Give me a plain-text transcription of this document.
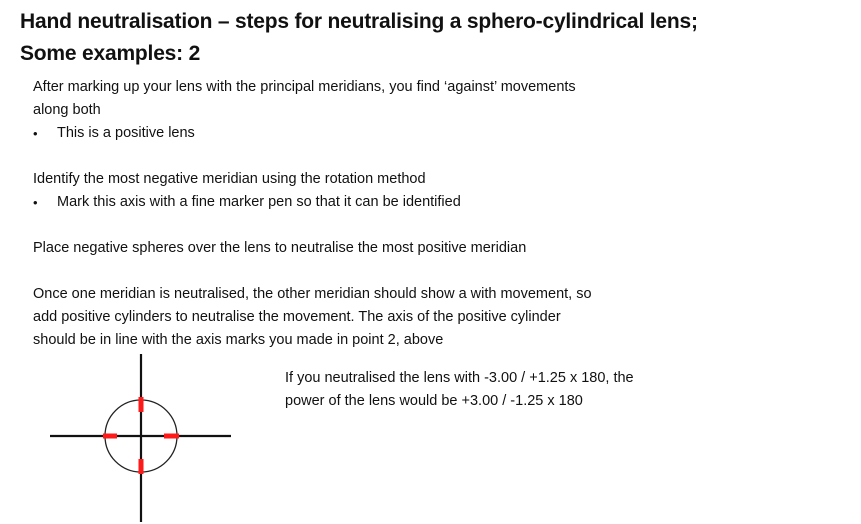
Hand neutralisation – steps for neutralising a sphero-cylindrical lens;
Some examples: 2

After marking up your lens with the principal meridians, you find ‘against’ movements

along both

•	This is a positive lens

Identify the most negative meridian using the rotation method

•	Mark this axis with a fine marker pen so that it can be identified

Place negative spheres over the lens to neutralise the most positive meridian

Once one meridian is neutralised, the other meridian should show a with movement, so

add positive cylinders to neutralise the movement. The axis of the positive cylinder

should be in line with the axis marks you made in point 2, above

If you neutralised the lens with -3.00 / +1.25 x 180, the

power of the lens would be +3.00 / -1.25 x 180
